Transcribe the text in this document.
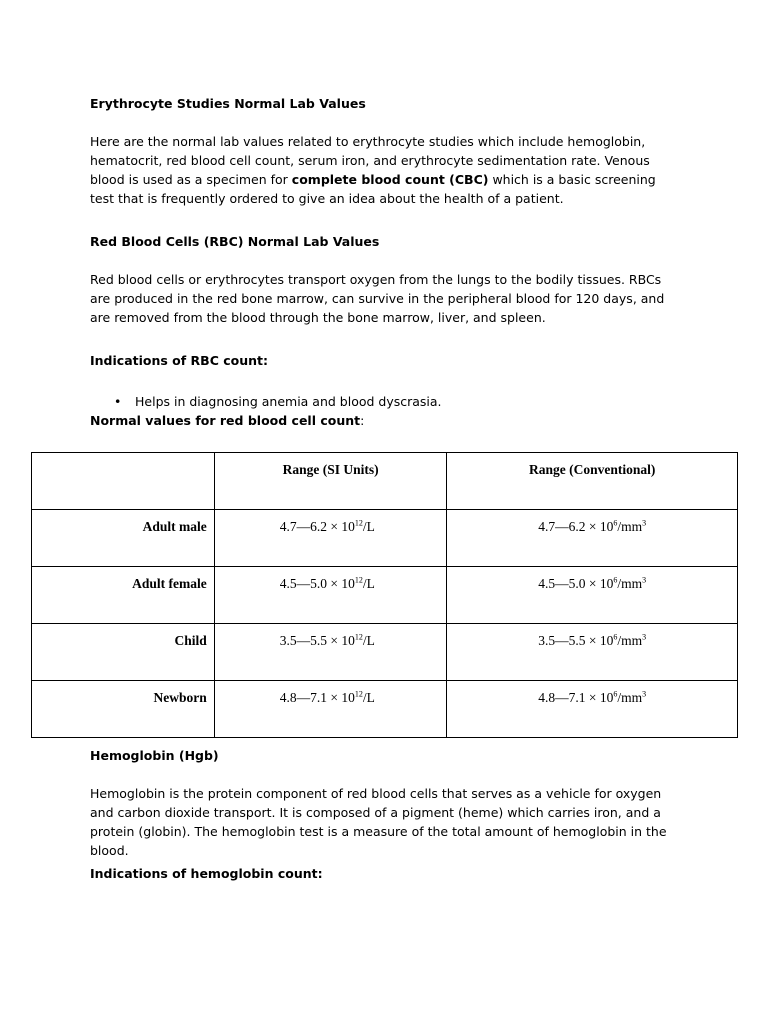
Erythrocyte Studies Normal Lab Values
Here are the normal lab values related to erythrocyte studies which include hemoglobin, hematocrit, red blood cell count, serum iron, and erythrocyte sedimentation rate. Venous blood is used as a specimen for complete blood count (CBC) which is a basic screening test that is frequently ordered to give an idea about the health of a patient.
Red Blood Cells (RBC) Normal Lab Values
Red blood cells or erythrocytes transport oxygen from the lungs to the bodily tissues. RBCs are produced in the red bone marrow, can survive in the peripheral blood for 120 days, and are removed from the blood through the bone marrow, liver, and spleen.
Indications of RBC count:
• Helps in diagnosing anemia and blood dyscrasia.
Normal values for red blood cell count:
	Range (SI Units)	Range (Conventional)
Adult male	4.7—6.2 × $10^{12}/L$	4.7—6.2 × $10^6/mm^3$
Adult female	4.5—5.0 × $10^{12}/L$	4.5—5.0 × $10^6/mm^3$
Child	3.5—5.5 × $10^{12}/L$	3.5—5.5 × $10^6/mm^3$
Newborn	4.8—7.1 × $10^{12}/L$	4.8—7.1 × $10^6/mm^3$
Hemoglobin (Hgb)
Hemoglobin is the protein component of red blood cells that serves as a vehicle for oxygen and carbon dioxide transport. It is composed of a pigment (heme) which carries iron, and a protein (globin). The hemoglobin test is a measure of the total amount of hemoglobin in the blood.
Indications of hemoglobin count:
